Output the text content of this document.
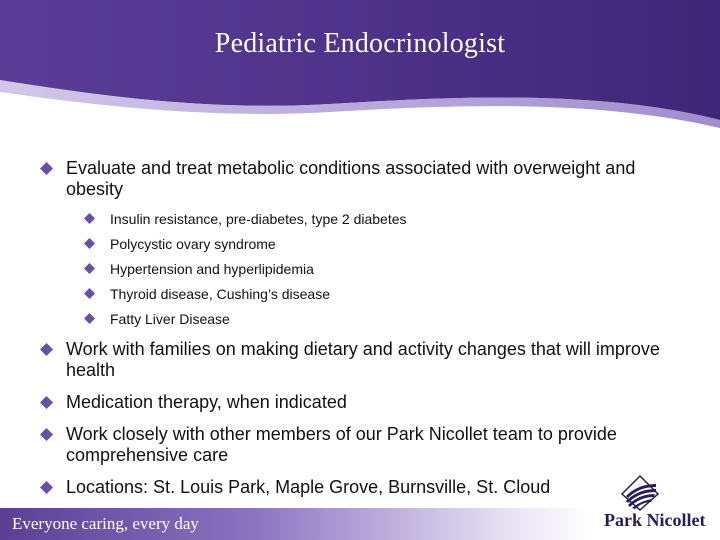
Pediatric Endocrinologist
Evaluate and treat metabolic conditions associated with overweight and obesity
Insulin resistance, pre-diabetes, type 2 diabetes
Polycystic ovary syndrome
Hypertension and hyperlipidemia
Thyroid disease, Cushing’s disease
Fatty Liver Disease
Work with families on making dietary and activity changes that will improve health
Medication therapy, when indicated
Work closely with other members of our Park Nicollet team to provide comprehensive care
Locations: St. Louis Park, Maple Grove, Burnsville, St. Cloud
Everyone caring, every day	Park Nicollet
